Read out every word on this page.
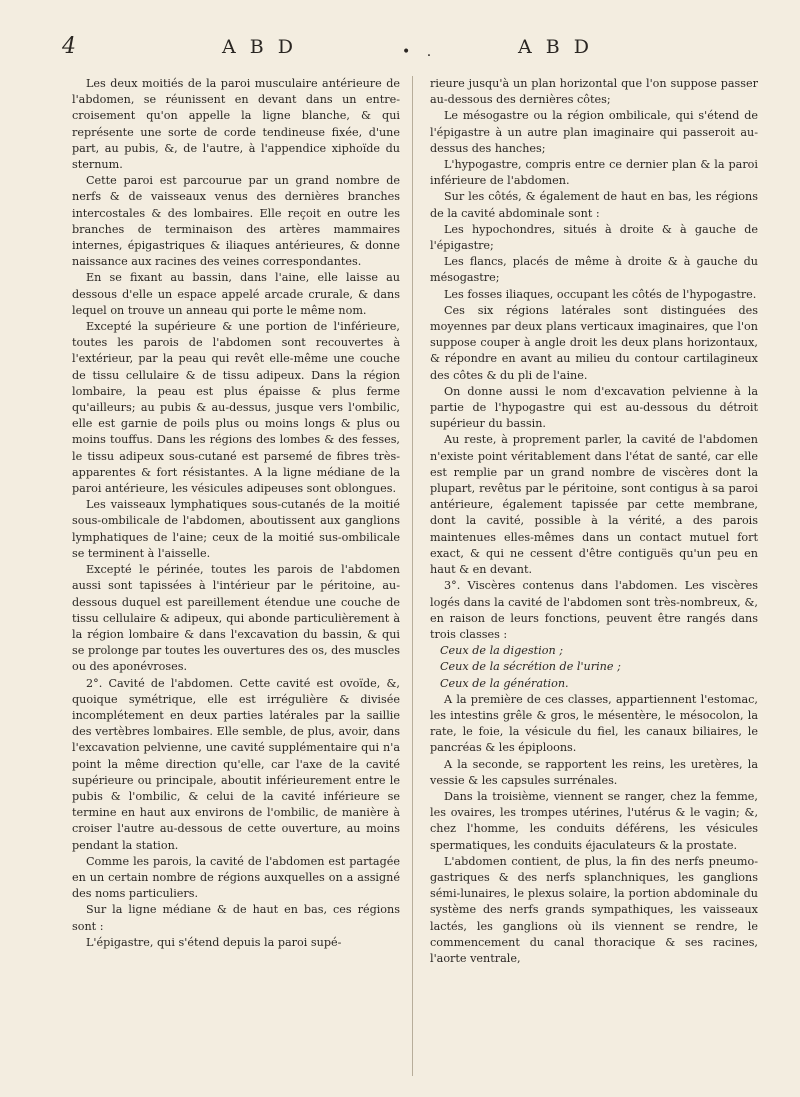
4	A B D	• .	A B D

Les deux moitiés de la paroi musculaire antérieure de l'abdomen, se réunissent en devant dans un entre-croisement qu'on appelle la ligne blanche, & qui représente une sorte de corde tendineuse fixée, d'une part, au pubis, &, de l'autre, à l'appendice xiphoïde du sternum.

Cette paroi est parcourue par un grand nombre de nerfs & de vaisseaux venus des dernières branches intercostales & des lombaires. Elle reçoit en outre les branches de terminaison des artères mammaires internes, épigastriques & iliaques antérieures, & donne naissance aux racines des veines correspondantes.

En se fixant au bassin, dans l'aine, elle laisse au dessous d'elle un espace appelé arcade crurale, & dans lequel on trouve un anneau qui porte le même nom.

Excepté la supérieure & une portion de l'inférieure, toutes les parois de l'abdomen sont recouvertes à l'extérieur, par la peau qui revêt elle-même une couche de tissu cellulaire & de tissu adipeux. Dans la région lombaire, la peau est plus épaisse & plus ferme qu'ailleurs; au pubis & au-dessus, jusque vers l'ombilic, elle est garnie de poils plus ou moins longs & plus ou moins touffus. Dans les régions des lombes & des fesses, le tissu adipeux sous-cutané est parsemé de fibres très-apparentes & fort résistantes. A la ligne médiane de la paroi antérieure, les vésicules adipeuses sont oblongues.

Les vaisseaux lymphatiques sous-cutanés de la moitié sous-ombilicale de l'abdomen, aboutissent aux ganglions lymphatiques de l'aine; ceux de la moitié sus-ombilicale se terminent à l'aisselle.

Excepté le périnée, toutes les parois de l'abdomen aussi sont tapissées à l'intérieur par le péritoine, au-dessous duquel est pareillement étendue une couche de tissu cellulaire & adipeux, qui abonde particulièrement à la région lombaire & dans l'excavation du bassin, & qui se prolonge par toutes les ouvertures des os, des muscles ou des aponévroses.

2°. Cavité de l'abdomen. Cette cavité est ovoïde, &, quoique symétrique, elle est irrégulière & divisée incomplétement en deux parties latérales par la saillie des vertèbres lombaires. Elle semble, de plus, avoir, dans l'excavation pelvienne, une cavité supplémentaire qui n'a point la même direction qu'elle, car l'axe de la cavité supérieure ou principale, aboutit inférieurement entre le pubis & l'ombilic, & celui de la cavité inférieure se termine en haut aux environs de l'ombilic, de manière à croiser l'autre au-dessous de cette ouverture, au moins pendant la station.

Comme les parois, la cavité de l'abdomen est partagée en un certain nombre de régions auxquelles on a assigné des noms particuliers.

Sur la ligne médiane & de haut en bas, ces régions sont :

L'épigastre, qui s'étend depuis la paroi supé-

rieure jusqu'à un plan horizontal que l'on suppose passer au-dessous des dernières côtes;

Le mésogastre ou la région ombilicale, qui s'étend de l'épigastre à un autre plan imaginaire qui passeroit au-dessus des hanches;

L'hypogastre, compris entre ce dernier plan & la paroi inférieure de l'abdomen.

Sur les côtés, & également de haut en bas, les régions de la cavité abdominale sont :

Les hypochondres, situés à droite & à gauche de l'épigastre;

Les flancs, placés de même à droite & à gauche du mésogastre;

Les fosses iliaques, occupant les côtés de l'hypogastre.

Ces six régions latérales sont distinguées des moyennes par deux plans verticaux imaginaires, que l'on suppose couper à angle droit les deux plans horizontaux, & répondre en avant au milieu du contour cartilagineux des côtes & du pli de l'aine.

On donne aussi le nom d'excavation pelvienne à la partie de l'hypogastre qui est au-dessous du détroit supérieur du bassin.

Au reste, à proprement parler, la cavité de l'abdomen n'existe point véritablement dans l'état de santé, car elle est remplie par un grand nombre de viscères dont la plupart, revêtus par le péritoine, sont contigus à sa paroi antérieure, également tapissée par cette membrane, dont la cavité, possible à la vérité, a des parois maintenues elles-mêmes dans un contact mutuel fort exact, & qui ne cessent d'être contiguës qu'un peu en haut & en devant.

3°. Viscères contenus dans l'abdomen. Les viscères logés dans la cavité de l'abdomen sont très-nombreux, &, en raison de leurs fonctions, peuvent être rangés dans trois classes :

Ceux de la digestion ;

Ceux de la sécrétion de l'urine ;

Ceux de la génération.

A la première de ces classes, appartiennent l'estomac, les intestins grêle & gros, le mésentère, le mésocolon, la rate, le foie, la vésicule du fiel, les canaux biliaires, le pancréas & les épiploons.

A la seconde, se rapportent les reins, les uretères, la vessie & les capsules surrénales.

Dans la troisième, viennent se ranger, chez la femme, les ovaires, les trompes utérines, l'utérus & le vagin; &, chez l'homme, les conduits déférens, les vésicules spermatiques, les conduits éjaculateurs & la prostate.

L'abdomen contient, de plus, la fin des nerfs pneumo-gastriques & des nerfs splanchniques, les ganglions sémi-lunaires, le plexus solaire, la portion abdominale du système des nerfs grands sympathiques, les vaisseaux lactés, les ganglions où ils viennent se rendre, le commencement du canal thoracique & ses racines, l'aorte ventrale,
